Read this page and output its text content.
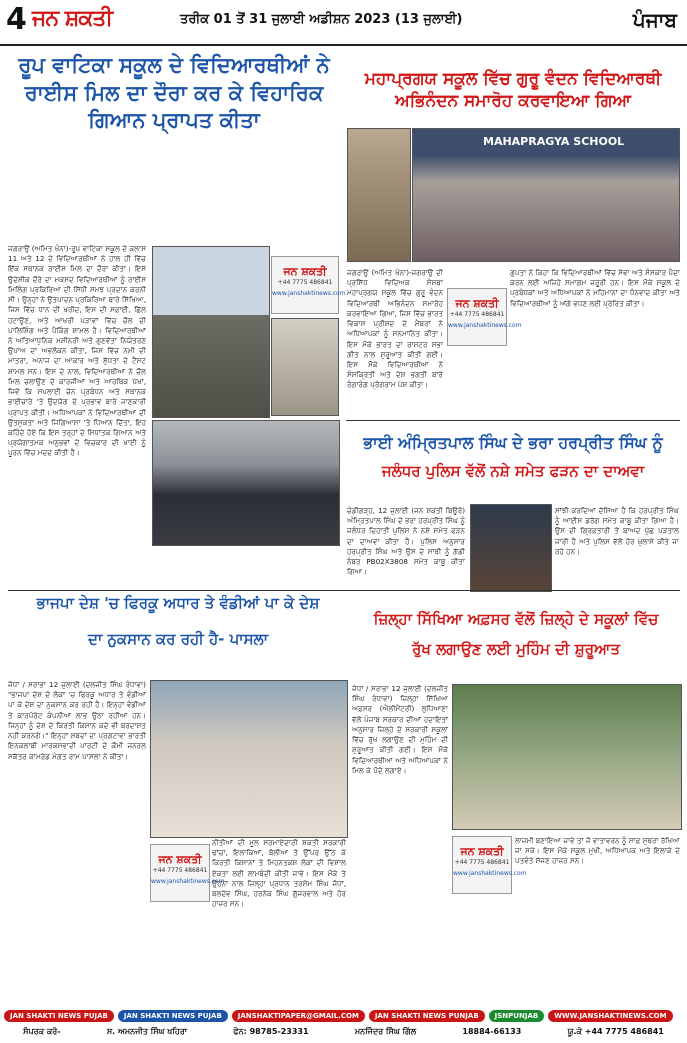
4 ਜਨ ਸ਼ਕਤੀ	ਤਰੀਕ 01 ਤੋਂ 31 ਜੁਲਾਈ ਅਡੀਸ਼ਨ 2023 (13 ਜੁਲਾਈ)	ਪੰਜਾਬ
ਰੂਪ ਵਾਟਿਕਾ ਸਕੂਲ ਦੇ ਵਿਦਿਆਰਥੀਆਂ ਨੇ ਰਾਈਸ ਮਿਲ ਦਾ ਦੌਰਾ ਕਰ ਕੇ ਵਿਹਾਰਿਕ ਗਿਆਨ ਪ੍ਰਾਪਤ ਕੀਤਾ
ਜਗਰਾਉਂ (ਅਮਿਤ ਖੰਨਾ)-ਰੂਪ ਵਾਟਿਕਾ ਸਕੂਲ ਦੇ ਕਲਾਸ 11 ਅਤੇ 12 ਦੇ ਵਿਦਿਆਰਥੀਆਂ ਨੇ ਹਾਲ ਹੀ ਵਿੱਚ ਇੱਕ ਸਥਾਨਕ ਰਾਈਸ ਮਿਲ ਦਾ ਦੌਰਾ ਕੀਤਾ। ਇਸ ਉਦੇਸ਼ੀਕ ਦੌਰੇ ਦਾ ਮਕਸਦ ਵਿਦਿਆਰਥੀਆਂ ਨੂੰ ਰਾਈਸ ਮਿਲਿੰਗ ਪ੍ਰਕਿਰਿਆ ਦੀ ਸਿੱਧੀ ਸਮਝ ਪ੍ਰਦਾਨ ਕਰਨੀ ਸੀ। ਉਨ੍ਹਾਂ ਨੇ ਉਤਪਾਦਨ ਪ੍ਰਕਿਰਿਆ ਬਾਰੇ ਸਿੱਖਿਆ, ਜਿਸ ਵਿੱਚ ਧਾਨ ਦੀ ਖਰੀਦ, ਇਸ ਦੀ ਸਫ਼ਾਈ, ਛਿੱਲ ਹਟਾਉਣ, ਅਤੇ ਆਖਰੀ ਪੜਾਵਾਂ ਵਿੱਚ ਚੌਲ ਦੀ ਪਾਲਿਸ਼ਿੰਗ ਅਤੇ ਪੈਕਿੰਗ ਸ਼ਾਮਲ ਹੈ। ਵਿਦਿਆਰਥੀਆਂ ਨੇ ਅਤਿਆਧੁਨਿਕ ਮਸ਼ੀਨਰੀ ਅਤੇ ਗੁਣਵੱਤਾ ਨਿਯੰਤਰਣ ਉਪਾਅ ਦਾ ਅਵਲੋਕਨ ਕੀਤਾ, ਜਿਸ ਵਿੱਚ ਨਮੀ ਦੀ ਮਾਤਰਾ, ਅਨਾਜ ਦਾ ਆਕਾਰ ਅਤੇ ਸ਼ੁੱਧਤਾ ਦੇ ਟੈਸਟ ਸ਼ਾਮਲ ਸਨ। ਇਸ ਦੇ ਨਾਲ, ਵਿਦਿਆਰਥੀਆਂ ਨੇ ਚੌਲ ਮਿਲ ਚਲਾਉਣ ਦੇ ਕਾਰਜੀਆਂ ਅਤੇ ਆਰਥਿਕ ਪੱਖਾਂ, ਜਿਵੇਂ ਕਿ ਸਪਲਾਈ ਚੇਨ ਪ੍ਰਬੰਧਨ ਅਤੇ ਸਥਾਨਕ ਭਾਈਚਾਰੇ 'ਤੇ ਉਦਯੋਗ ਦੇ ਪ੍ਰਭਾਵ ਬਾਰੇ ਜਾਣਕਾਰੀ ਪ੍ਰਾਪਤ ਕੀਤੀ। ਅਧਿਆਪਕਾਂ ਨੇ ਵਿਦਿਆਰਥੀਆਂ ਦੀ ਉਤਸੁਕਤਾ ਅਤੇ ਜਿਗਿਆਸਾ 'ਤੇ ਧਿਆਨ ਦਿੱਤਾ, ਇਹ ਕਹਿੰਦੇ ਹੋਏ ਕਿ ਇਸ ਤਰ੍ਹਾਂ ਦੇ ਸਿਧਾਂਤਕ ਗਿਆਨ ਅਤੇ ਪ੍ਰਯੋਗਾਤਮਕ ਅਨੁਭਵਾਂ ਦੇ ਵਿਚਕਾਰ ਦੀ ਖਾਈ ਨੂੰ ਪੂਰਨ ਵਿੱਚ ਮਦਦ ਕੀਤੀ ਹੈ।
ਜਨ ਸ਼ਕਤੀ
+44 7775 486841
www.janshaktinews.com
ਮਹਾਪ੍ਰਗਯ ਸਕੂਲ ਵਿੱਚ ਗੁਰੂ ਵੰਦਨ ਵਿਦਿਆਰਥੀ ਅਭਿਨੰਦਨ ਸਮਾਰੋਹ ਕਰਵਾਇਆ ਗਿਆ
MAHAPRAGYA SCHOOL
ਜਗਰਾਉਂ (ਅਮਿਤ ਖੰਨਾ)-ਜਗਰਾਉਂ ਦੀ ਪ੍ਰਸਿੱਧ ਵਿਦਿਅਕ ਸੰਸਥਾ ਮਹਾਪ੍ਰਗਯ ਸਕੂਲ ਵਿੱਚ ਗੁਰੂ ਵੰਦਨ ਵਿਦਿਆਰਥੀ ਅਭਿਨੰਦਨ ਸਮਾਰੋਹ ਕਰਵਾਇਆ ਗਿਆ, ਜਿਸ ਵਿੱਚ ਭਾਰਤ ਵਿਕਾਸ ਪ੍ਰੀਸ਼ਦ ਦੇ ਮੈਂਬਰਾਂ ਨੇ ਅਧਿਆਪਕਾਂ ਨੂੰ ਸਨਮਾਨਿਤ ਕੀਤਾ। ਇਸ ਮੌਕੇ ਭਾਰਤ ਦਾ ਰਾਸ਼ਟਰ ਸਭਾ ਗੀਤ ਨਾਲ ਸ਼ੁਰੂਆਤ ਕੀਤੀ ਗਈ। ਇਸ ਮੌਕੇ ਵਿਦਿਆਰਥੀਆਂ ਨੇ ਸੰਸਕ੍ਰਿਤੀ ਅਤੇ ਦੇਸ਼ ਭਗਤੀ ਬਾਰੇ ਰੰਗਾਰੰਗ ਪ੍ਰੋਗਰਾਮ ਪੇਸ਼ ਕੀਤਾ।
ਜਨ ਸ਼ਕਤੀ
+44 7775 486841
www.janshaktinews.com
ਗੁਪਤਾ ਨੇ ਕਿਹਾ ਕਿ ਵਿਦਿਆਰਥੀਆਂ ਵਿੱਚ ਸੇਵਾ ਅਤੇ ਸੰਸਕਾਰ ਪੈਦਾ ਕਰਨ ਲਈ ਅਜਿਹੇ ਸਮਾਗਮ ਜ਼ਰੂਰੀ ਹਨ। ਇਸ ਮੌਕੇ ਸਕੂਲ ਦੇ ਪ੍ਰਬੰਧਕਾਂ ਅਤੇ ਅਧਿਆਪਕਾਂ ਨੇ ਮਹਿਮਾਨਾਂ ਦਾ ਧੰਨਵਾਦ ਕੀਤਾ ਅਤੇ ਵਿਦਿਆਰਥੀਆਂ ਨੂੰ ਅੱਗੇ ਵਧਣ ਲਈ ਪ੍ਰੇਰਿਤ ਕੀਤਾ।
ਭਾਈ ਅੰਮ੍ਰਿਤਪਾਲ ਸਿੰਘ ਦੇ ਭਰਾ ਹਰਪ੍ਰੀਤ ਸਿੰਘ ਨੂੰ
ਜਲੰਧਰ ਪੁਲਿਸ ਵੱਲੋਂ ਨਸ਼ੇ ਸਮੇਤ ਫੜਨ ਦਾ ਦਾਅਵਾ
ਚੰਡੀਗੜ੍ਹ, 12 ਜੁਲਾਈ (ਜਨ ਸ਼ਕਤੀ ਬਿਊਰੋ) ਅੰਮ੍ਰਿਤਪਾਲ ਸਿੰਘ ਦੇ ਭਰਾ ਹਰਪ੍ਰੀਤ ਸਿੰਘ ਨੂੰ ਜਲੰਧਰ ਦਿਹਾਤੀ ਪੁਲਿਸ ਨੇ ਨਸ਼ੇ ਸਮੇਤ ਫੜਨ ਦਾ ਦਾਅਵਾ ਕੀਤਾ ਹੈ। ਪੁਲਿਸ ਅਨੁਸਾਰ ਹਰਪ੍ਰੀਤ ਸਿੰਘ ਅਤੇ ਉਸ ਦੇ ਸਾਥੀ ਨੂੰ ਗੱਡੀ ਨੰਬਰ PB02X3808 ਸਮੇਤ ਕਾਬੂ ਕੀਤਾ ਗਿਆ।
ਸਾਂਝੀ ਕਰਦਿਆਂ ਦੱਸਿਆ ਹੈ ਕਿ ਹਰਪ੍ਰੀਤ ਸਿੰਘ ਨੂੰ ਆਈਸ ਡਰੱਗ ਸਮੇਤ ਕਾਬੂ ਕੀਤਾ ਗਿਆ ਹੈ। ਉਸ ਦੀ ਗ੍ਰਿਫ਼ਤਾਰੀ ਤੋਂ ਬਾਅਦ ਪੁੱਛ ਪੜਤਾਲ ਜਾਰੀ ਹੈ ਅਤੇ ਪੁਲਿਸ ਵੱਲੋਂ ਹੋਰ ਖ਼ੁਲਾਸੇ ਕੀਤੇ ਜਾ ਰਹੇ ਹਨ।
ਭਾਜਪਾ ਦੇਸ਼ 'ਚ ਫਿਰਕੂ ਅਧਾਰ ਤੇ ਵੰਡੀਆਂ ਪਾ ਕੇ ਦੇਸ਼
ਦਾ ਨੁਕਸਾਨ ਕਰ ਰਹੀ ਹੈ- ਪਾਸਲਾ
ਜੋਧਾਂ / ਸਰਾਭਾ 12 ਜੁਲਾਈ (ਦਲਜੀਤ ਸਿੰਘ ਰੰਧਾਵਾ) "ਭਾਜਪਾ ਦੇਸ਼ ਦੇ ਲੋਕਾਂ 'ਚ ਫਿਰਕੂ ਅਧਾਰ ਤੇ ਵੰਡੀਆਂ ਪਾ ਕੇ ਦੇਸ਼ ਦਾ ਨੁਕਸਾਨ ਕਰ ਰਹੀ ਹੈ। ਇਨ੍ਹਾਂ ਵੰਡੀਆਂ ਤੇ ਕਾਰਪੋਰੇਟ ਕੰਪਨੀਆਂ ਲਾਭ ਉਠਾ ਰਹੀਆਂ ਹਨ। ਜਿਨ੍ਹਾਂ ਨੂੰ ਦੇਸ਼ ਦੇ ਕਿਰਤੀ ਕਿਸਾਨ ਕਦੇ ਵੀ ਬਰਦਾਸ਼ਤ ਨਹੀਂ ਕਰਨਗੇ।" ਇਨ੍ਹਾਂ ਸ਼ਬਦਾਂ ਦਾ ਪ੍ਰਗਟਾਵਾ ਭਾਰਤੀ ਇਨਕਲਾਬੀ ਮਾਰਕਸਵਾਦੀ ਪਾਰਟੀ ਦੇ ਕੌਮੀ ਜਨਰਲ ਸਕੱਤਰ ਕਾਮਰੇਡ ਮੰਗਤ ਰਾਮ ਪਾਸਲਾ ਨੇ ਕੀਤਾ।
ਜਨ ਸ਼ਕਤੀ
+44 7775 486841
www.janshaktinews.com
ਨੀਤੀਆਂ ਦੀ ਮੂਲ ਸਰਮਾਏਦਾਰੀ ਸ਼ਕਤੀ ਸਰਕਾਰੀ ਢਾਂਚਾ, ਇਲਾਕਿਆਂ, ਬੋਲੀਆਂ ਤੇ ਉੱਪਰ ਉੱਠ ਕੇ ਕਿਰਤੀ ਕਿਸਾਨਾਂ ਤੇ ਮਿਹਨਤਕਸ਼ ਲੋਕਾਂ ਦੀ ਵਿਸ਼ਾਲ ਏਕਤਾ ਲਈ ਲਾਮਬੰਦੀ ਕੀਤੀ ਜਾਵੇ। ਇਸ ਮੌਕੇ ਤੇ ਉਹਨਾਂ ਨਾਲ ਜ਼ਿਲ੍ਹਾ ਪ੍ਰਧਾਨ ਤਰਸੇਮ ਸਿੰਘ ਜੋਧਾਂ, ਬਲਦੇਵ ਸਿੰਘ, ਹਰਨੇਕ ਸਿੰਘ ਗੁੱਜਰਵਾਲ ਅਤੇ ਹੋਰ ਹਾਜ਼ਰ ਸਨ।
ਜ਼ਿਲ੍ਹਾ ਸਿੱਖਿਆ ਅਫ਼ਸਰ ਵੱਲੋਂ ਜ਼ਿਲ੍ਹੇ ਦੇ ਸਕੂਲਾਂ ਵਿੱਚ
ਰੁੱਖ ਲਗਾਉਣ ਲਈ ਮੁਹਿੰਮ ਦੀ ਸ਼ੁਰੂਆਤ
ਜੋਧਾਂ / ਸਰਾਭਾ 12 ਜੁਲਾਈ (ਦਲਜੀਤ ਸਿੰਘ ਰੰਧਾਵਾ) ਜ਼ਿਲ੍ਹਾ ਸਿੱਖਿਆ ਅਫ਼ਸਰ (ਐਲੀਮੈਂਟਰੀ) ਲੁਧਿਆਣਾ ਵੱਲੋਂ ਪੰਜਾਬ ਸਰਕਾਰ ਦੀਆਂ ਹਦਾਇਤਾਂ ਅਨੁਸਾਰ ਜ਼ਿਲ੍ਹੇ ਦੇ ਸਰਕਾਰੀ ਸਕੂਲਾਂ ਵਿੱਚ ਰੁੱਖ ਲਗਾਉਣ ਦੀ ਮੁਹਿੰਮ ਦੀ ਸ਼ੁਰੂਆਤ ਕੀਤੀ ਗਈ। ਇਸ ਮੌਕੇ ਵਿਦਿਆਰਥੀਆਂ ਅਤੇ ਅਧਿਆਪਕਾਂ ਨੇ ਮਿਲ ਕੇ ਪੌਦੇ ਲਗਾਏ।
ਜਨ ਸ਼ਕਤੀ
+44 7775 486841
www.janshaktinews.com
ਲਾਜ਼ਮੀ ਬਣਾਇਆ ਜਾਵੇ ਤਾਂ ਜੋ ਵਾਤਾਵਰਨ ਨੂੰ ਸਾਫ਼ ਸੁਥਰਾ ਰੱਖਿਆ ਜਾ ਸਕੇ। ਇਸ ਮੌਕੇ ਸਕੂਲ ਮੁਖੀ, ਅਧਿਆਪਕ ਅਤੇ ਇਲਾਕੇ ਦੇ ਪਤਵੰਤੇ ਸੱਜਣ ਹਾਜ਼ਰ ਸਨ।
JAN SHAKTI NEWS PUJAB	JAN SHAKTI NEWS PUJAB	JANSHAKTIPAPER@GMAIL.COM	JAN SHAKTI NEWS PUNJAB	JSNPUNJAB	WWW.JANSHAKTINEWS.COM
ਸੰਪਰਕ ਕਰੋ-	ਸ. ਅਮਨਜੀਤ ਸਿੰਘ ਖਹਿਰਾ	ਫੋਨ: 98785-23331	ਮਨਜਿੰਦਰ ਸਿੰਘ ਗਿੱਲ	18884-66133	ਯੂ.ਕੇ +44 7775 486841
